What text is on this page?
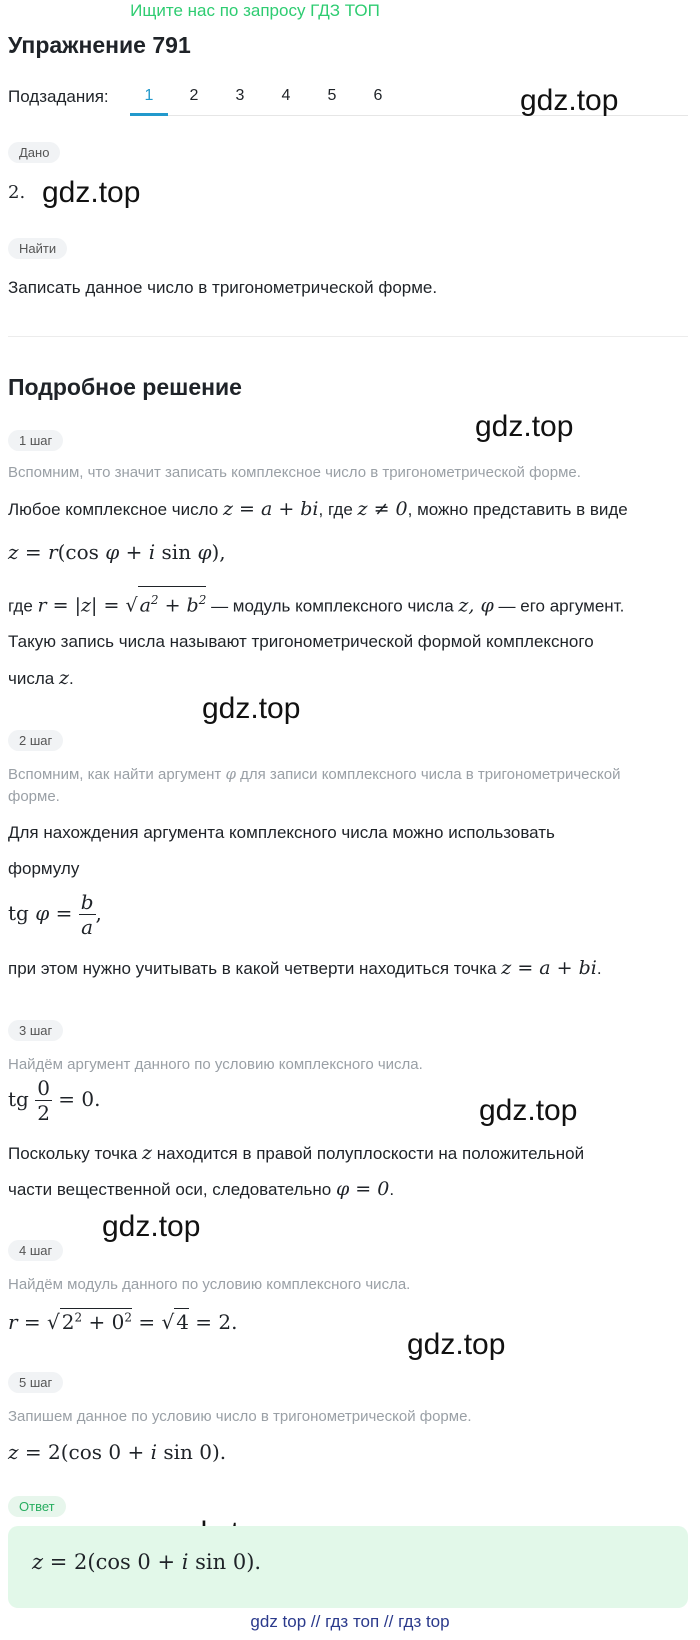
Ищите нас по запросу ГДЗ ТОП
Упражнение 791
Подзадания:	1	2	3	4	5	6	gdz.top
gdz.top
gdz.top
gdz.top
gdz.top
gdz.top
gdz.top
Дано
2.
Найти
Записать данное число в тригонометрической форме.
Подробное решение
1 шаг
Вспомним, что значит записать комплексное число в тригонометрической форме.
Любое комплексное число z = a + bi, где z ≠ 0, можно представить в виде
z = r(cos φ + i sin φ),
где r = |z| = √ $a^2 + b^2$ — модуль комплексного числа z, φ — его аргумент.
Такую запись числа называют тригонометрической формой комплексного
числа z.
2 шаг
Вспомним, как найти аргумент φ для записи комплексного числа в тригонометрической
форме.
Для нахождения аргумента комплексного числа можно использовать
формулу
tg $\varphi = \frac{b}{a}$ ,
при этом нужно учитывать в какой четверти находиться точка z = a + bi.
3 шаг
Найдём аргумент данного по условию комплексного числа.
tg $\frac{0}{2} = 0$.
Поскольку точка z находится в правой полуплоскости на положительной
части вещественной оси, следовательно φ = 0.
4 шаг
Найдём модуль данного по условию комплексного числа.
r = √ $2^2 + 0^2$ = √ 4 = 2.
5 шаг
Запишем данное по условию число в тригонометрической форме.
z = 2(cos 0 + i sin 0).
Ответ
z = 2(cos 0 + i sin 0).
gdz top // гдз топ // гдз top
